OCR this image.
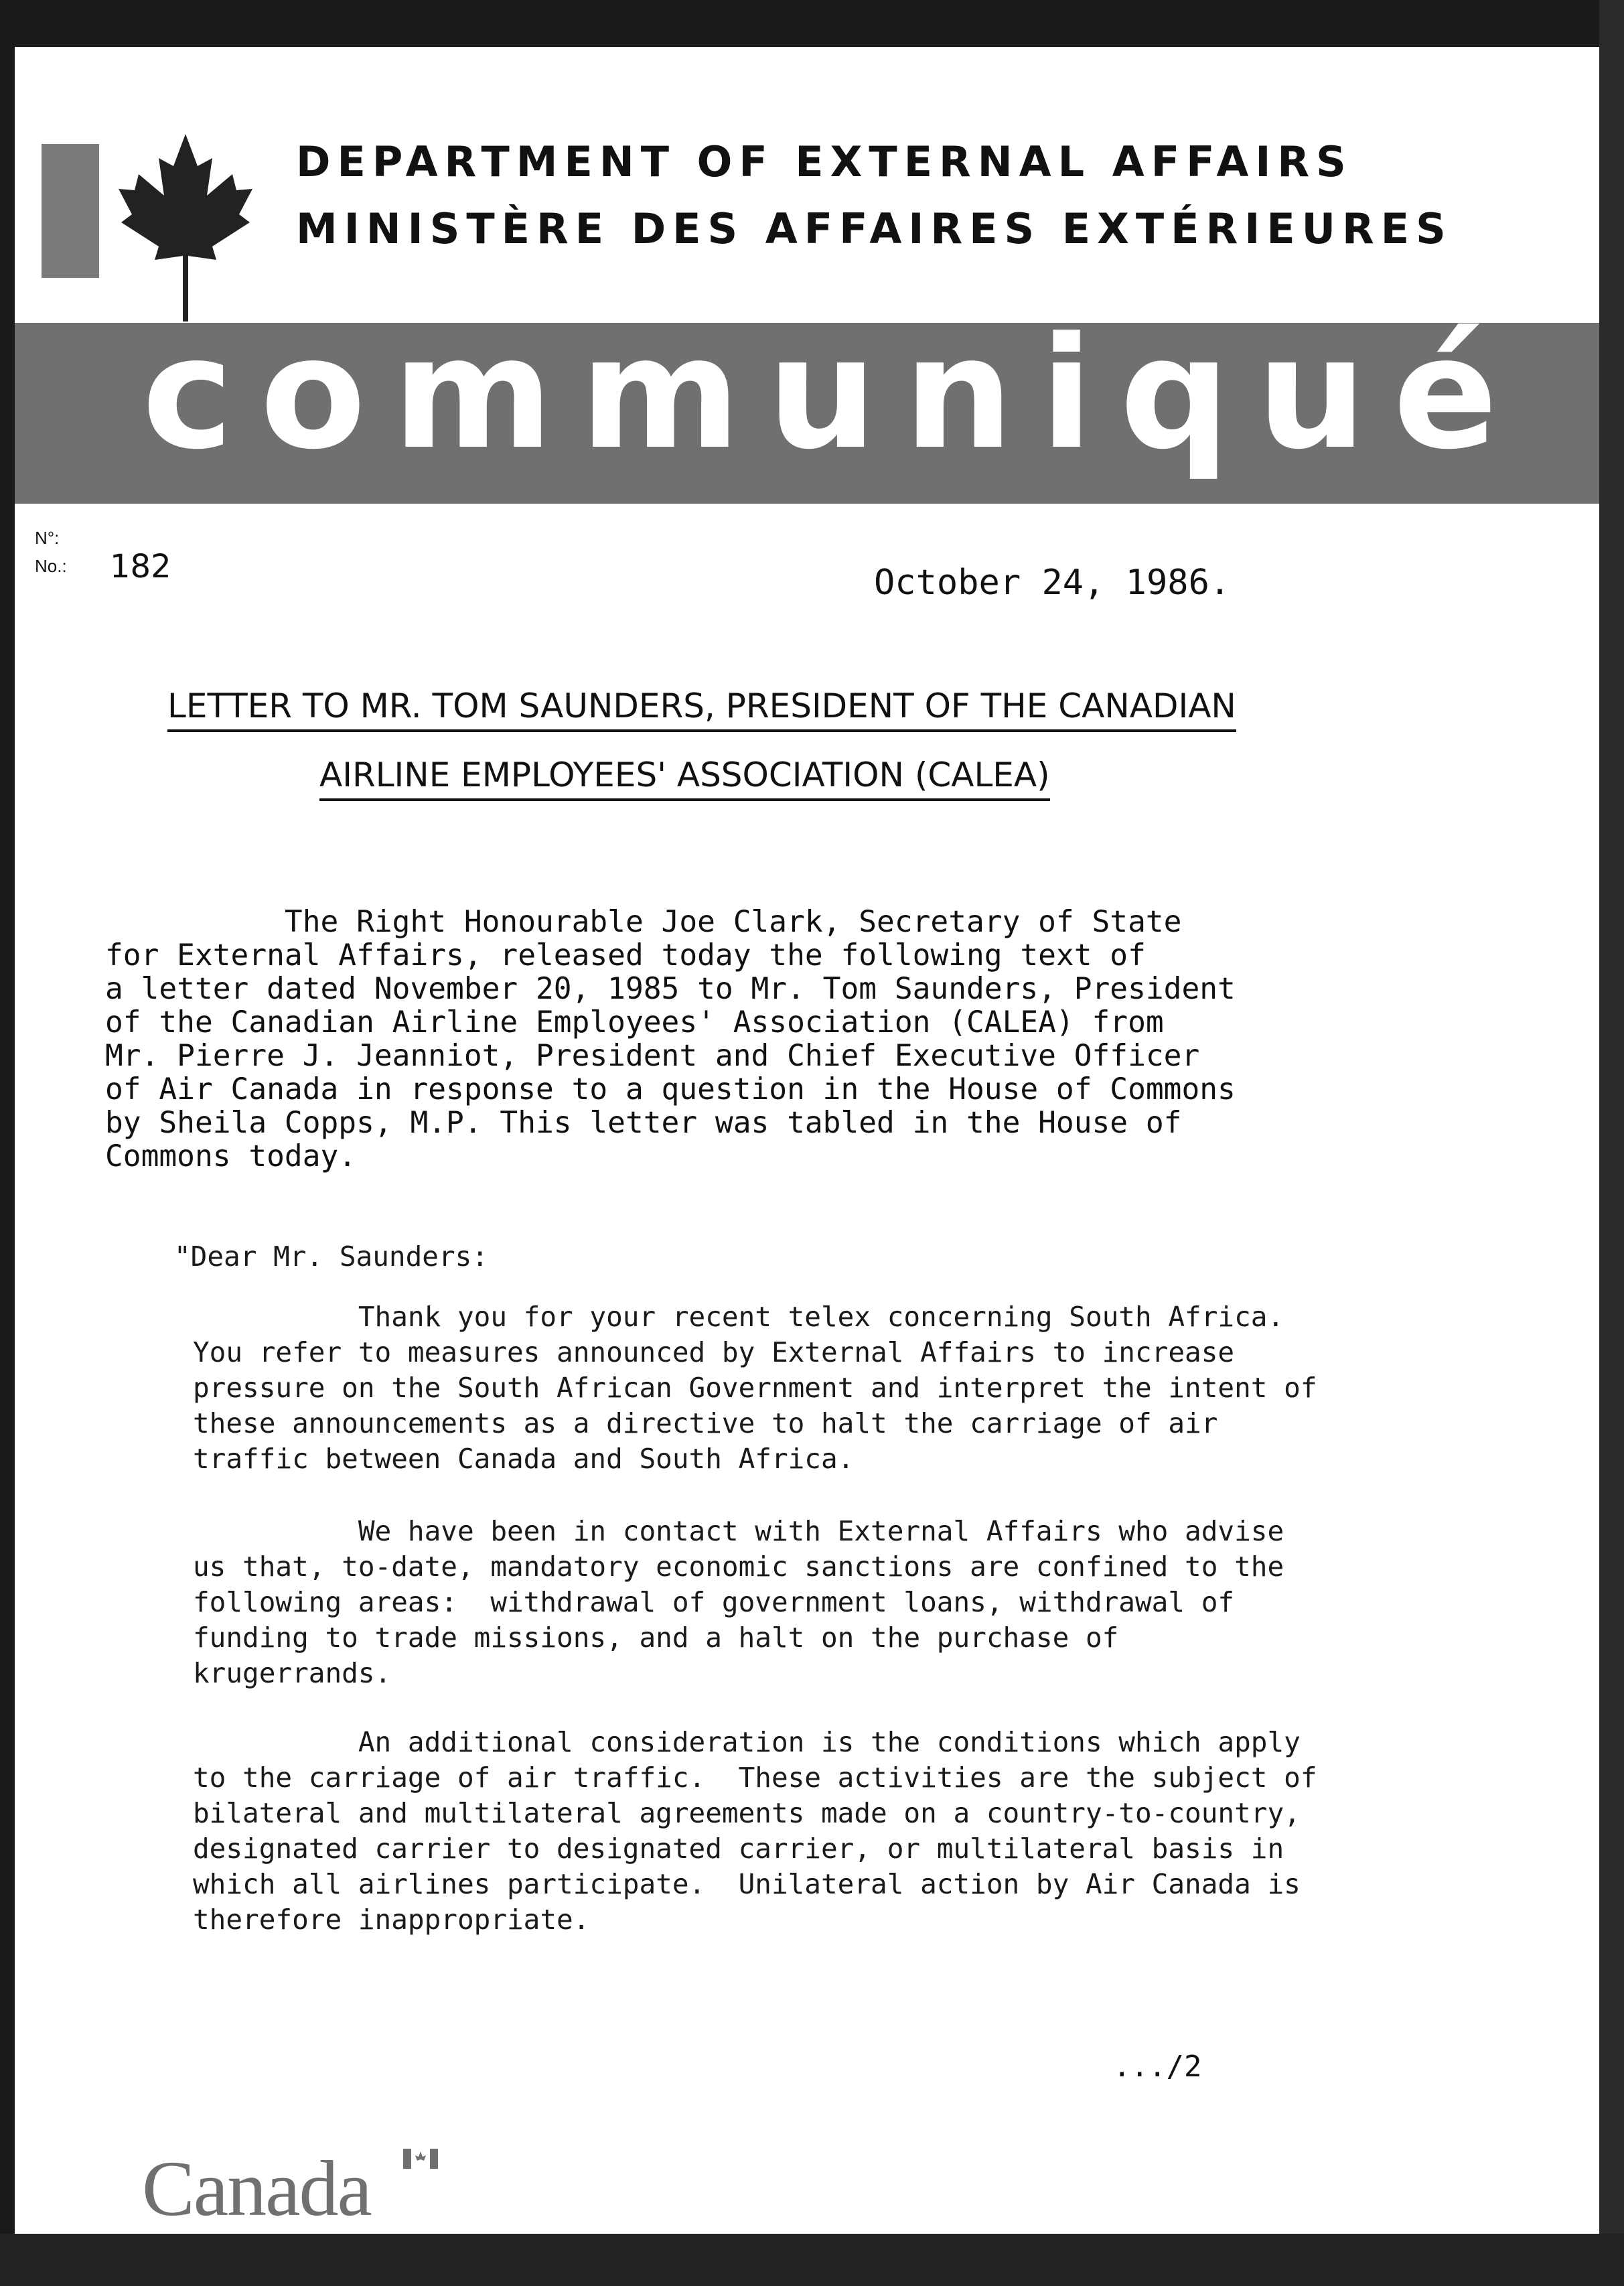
DEPARTMENT OF EXTERNAL AFFAIRS
MINISTÈRE DES AFFAIRES EXTÉRIEURES
communiqué
N°:
No.: 182	October 24, 1986.
LETTER TO MR. TOM SAUNDERS, PRESIDENT OF THE CANADIAN
AIRLINE EMPLOYEES' ASSOCIATION (CALEA)
The Right Honourable Joe Clark, Secretary of State
for External Affairs, released today the following text of
a letter dated November 20, 1985 to Mr. Tom Saunders, President
of the Canadian Airline Employees' Association (CALEA) from
Mr. Pierre J. Jeanniot, President and Chief Executive Officer
of Air Canada in response to a question in the House of Commons
by Sheila Copps, M.P. This letter was tabled in the House of
Commons today.
"Dear Mr. Saunders:
Thank you for your recent telex concerning South Africa.
You refer to measures announced by External Affairs to increase
pressure on the South African Government and interpret the intent of
these announcements as a directive to halt the carriage of air
traffic between Canada and South Africa.
We have been in contact with External Affairs who advise
us that, to-date, mandatory economic sanctions are confined to the
following areas:  withdrawal of government loans, withdrawal of
funding to trade missions, and a halt on the purchase of
krugerrands.
An additional consideration is the conditions which apply
to the carriage of air traffic.  These activities are the subject of
bilateral and multilateral agreements made on a country-to-country,
designated carrier to designated carrier, or multilateral basis in
which all airlines participate.  Unilateral action by Air Canada is
therefore inappropriate.
.../2
Canada
